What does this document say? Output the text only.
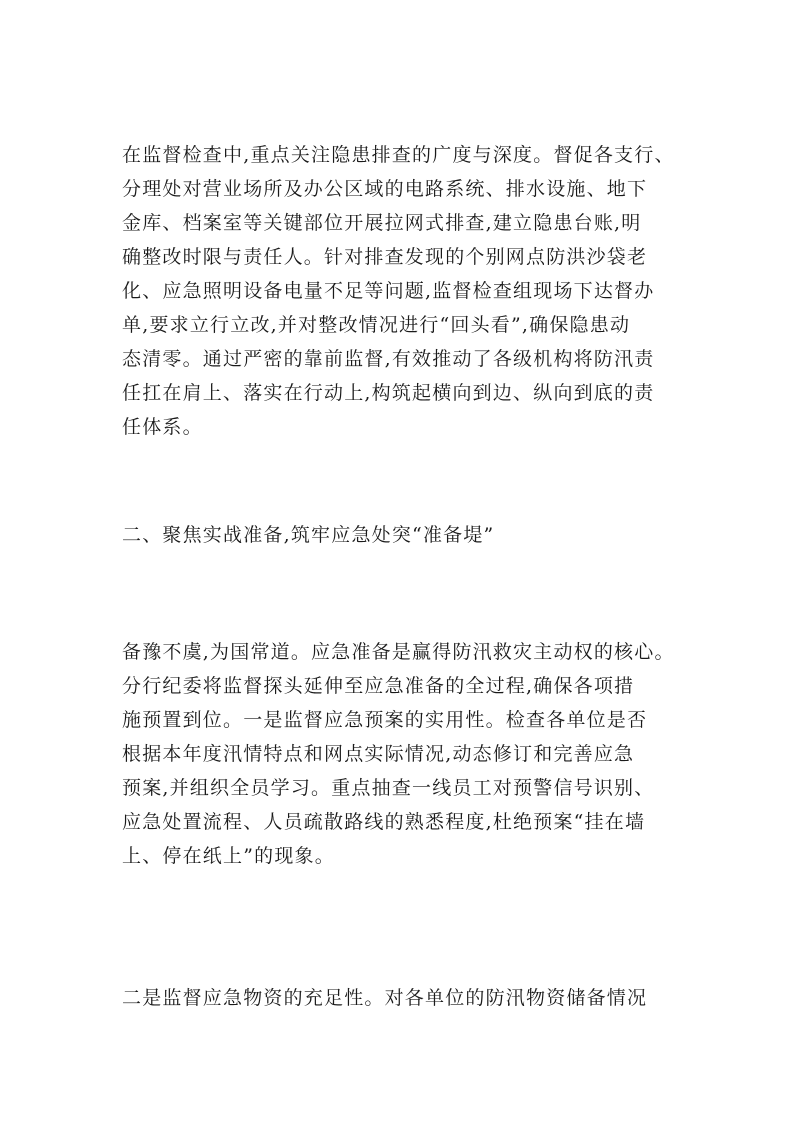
在监督检查中,重点关注隐患排查的广度与深度。督促各支行、
分理处对营业场所及办公区域的电路系统、排水设施、地下
金库、档案室等关键部位开展拉网式排查,建立隐患台账,明
确整改时限与责任人。针对排查发现的个别网点防洪沙袋老
化、应急照明设备电量不足等问题,监督检查组现场下达督办
单,要求立行立改,并对整改情况进行“回头看”,确保隐患动
态清零。通过严密的靠前监督,有效推动了各级机构将防汛责
任扛在肩上、落实在行动上,构筑起横向到边、纵向到底的责
任体系。
二、聚焦实战准备,筑牢应急处突“准备堤”
备豫不虞,为国常道。应急准备是赢得防汛救灾主动权的核心。
分行纪委将监督探头延伸至应急准备的全过程,确保各项措
施预置到位。一是监督应急预案的实用性。检查各单位是否
根据本年度汛情特点和网点实际情况,动态修订和完善应急
预案,并组织全员学习。重点抽查一线员工对预警信号识别、
应急处置流程、人员疏散路线的熟悉程度,杜绝预案“挂在墙
上、停在纸上”的现象。
二是监督应急物资的充足性。对各单位的防汛物资储备情况
